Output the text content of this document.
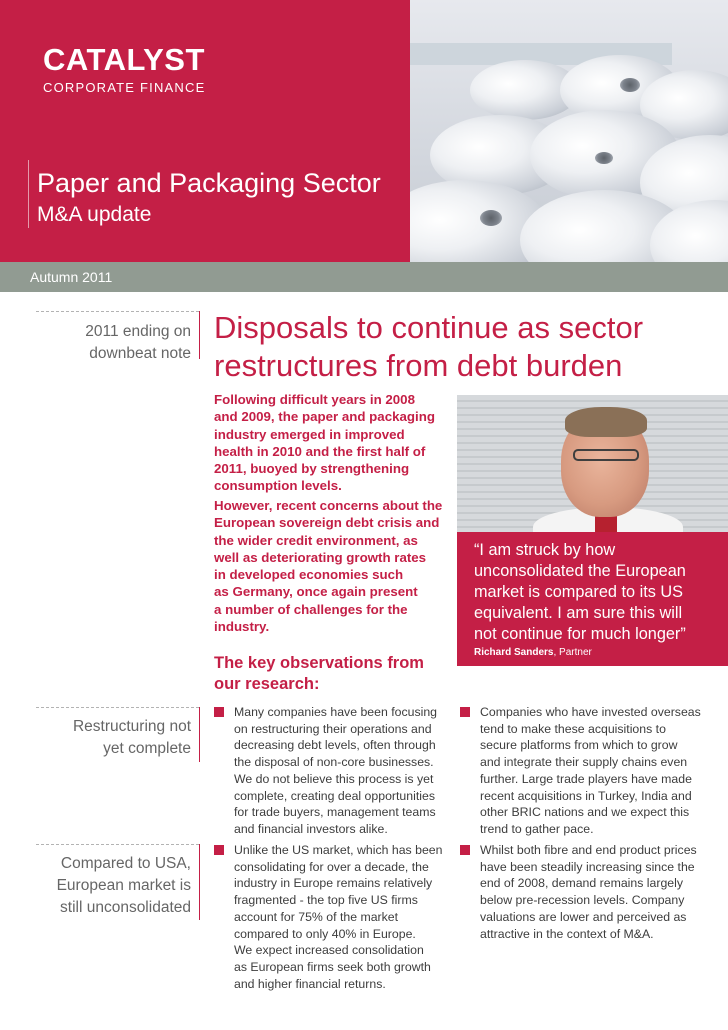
CATALYST
CORPORATE FINANCE
Paper and Packaging Sector
M&A update
Autumn 2011
2011 ending on
downbeat note
Restructuring not
yet complete
Compared to USA,
European market is
still unconsolidated
Disposals to continue as sector
restructures from debt burden
Following difficult years in 2008
and 2009, the paper and packaging
industry emerged in improved
health in 2010 and the first half of
2011, buoyed by strengthening
consumption levels.
However, recent concerns about the
European sovereign debt crisis and
the wider credit environment, as
well as deteriorating growth rates
in developed economies such
as Germany, once again present
a number of challenges for the
industry.
“I am struck by how
unconsolidated the European
market is compared to its US
equivalent. I am sure this will
not continue for much longer”
Richard Sanders, Partner
The key observations from
our research:
Many companies have been focusing
on restructuring their operations and
decreasing debt levels, often through
the disposal of non-core businesses.
We do not believe this process is yet
complete, creating deal opportunities
for trade buyers, management teams
and financial investors alike.
Companies who have invested overseas
tend to make these acquisitions to
secure platforms from which to grow
and integrate their supply chains even
further. Large trade players have made
recent acquisitions in Turkey, India and
other BRIC nations and we expect this
trend to gather pace.
Unlike the US market, which has been
consolidating for over a decade, the
industry in Europe remains relatively
fragmented - the top five US firms
account for 75% of the market
compared to only 40% in Europe.
We expect increased consolidation
as European firms seek both growth
and higher financial returns.
Whilst both fibre and end product prices
have been steadily increasing since the
end of 2008, demand remains largely
below pre-recession levels. Company
valuations are lower and perceived as
attractive in the context of M&A.
